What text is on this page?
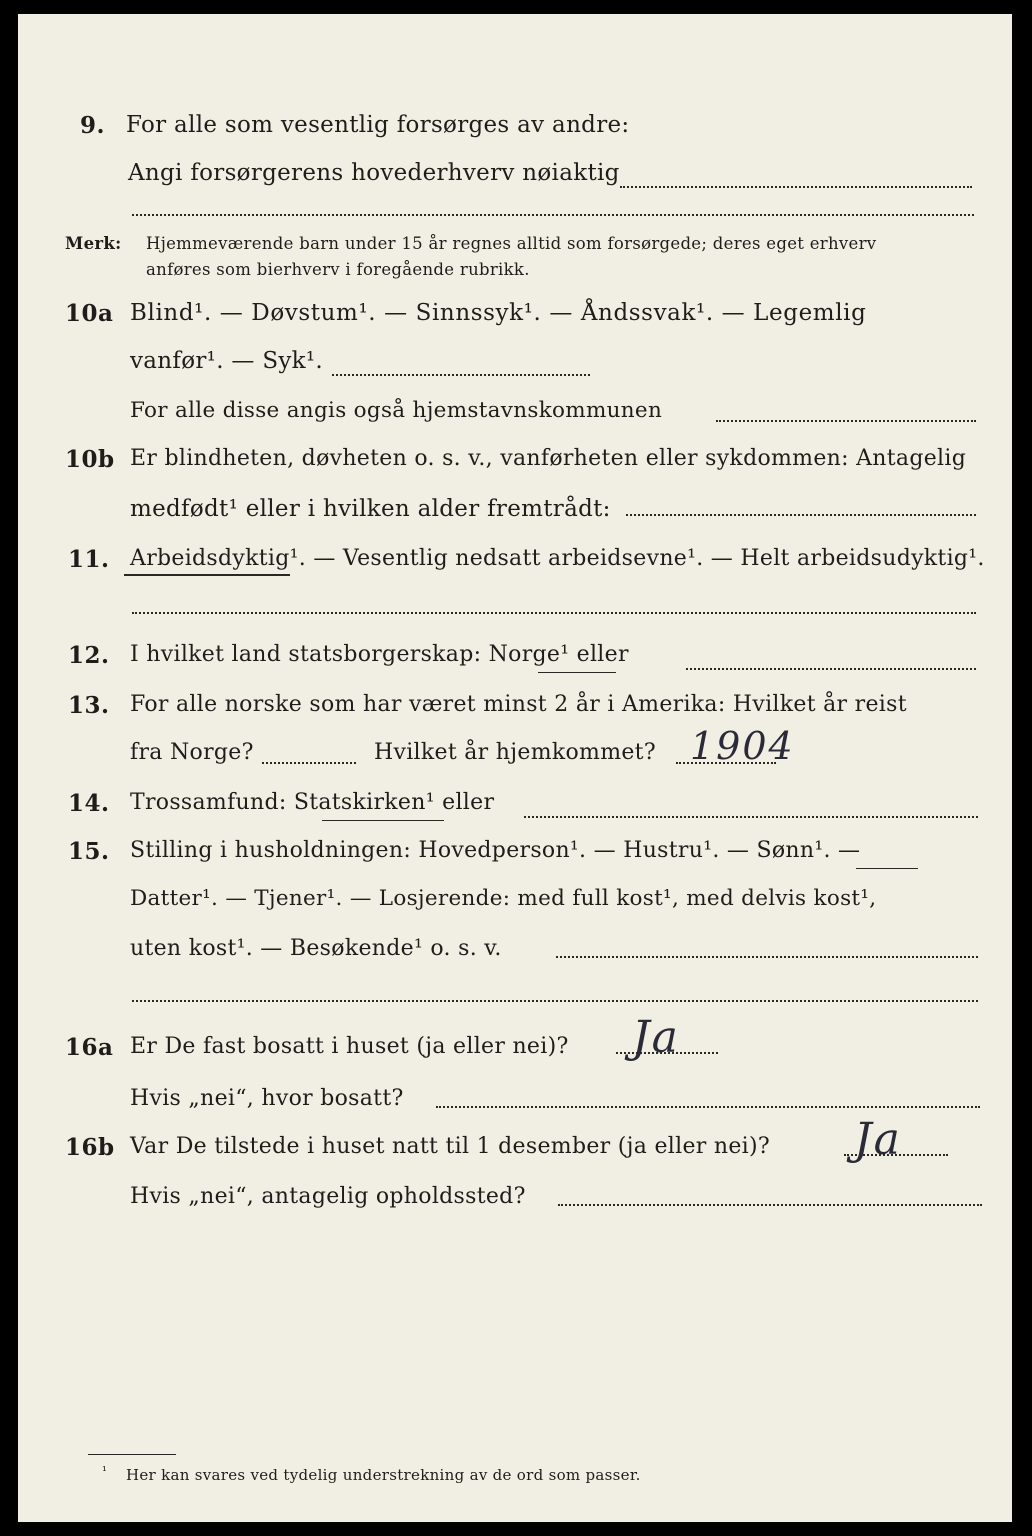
9. For alle som vesentlig forsørges av andre:
Angi forsørgerens hovederhverv nøiaktig
Merk: Hjemmeværende barn under 15 år regnes alltid som forsørgede; deres eget erhverv
anføres som bierhverv i foregående rubrikk.
10a Blind¹. — Døvstum¹. — Sinnssyk¹. — Åndssvak¹. — Legemlig
vanfør¹. — Syk¹.
For alle disse angis også hjemstavnskommunen
10b Er blindheten, døvheten o. s. v., vanførheten eller sykdommen: Antagelig
medfødt¹ eller i hvilken alder fremtrådt:
11. Arbeidsdyktig¹. — Vesentlig nedsatt arbeidsevne¹. — Helt arbeidsudyktig¹.
12. I hvilket land statsborgerskap: Norge¹ eller
13. For alle norske som har været minst 2 år i Amerika: Hvilket år reist
fra Norge?	Hvilket år hjemkommet? 1904
14. Trossamfund: Statskirken¹ eller
15. Stilling i husholdningen: Hovedperson¹. — Hustru¹. — Sønn¹. —
Datter¹. — Tjener¹. — Losjerende: med full kost¹, med delvis kost¹,
uten kost¹. — Besøkende¹ o. s. v.
16a Er De fast bosatt i huset (ja eller nei)? Ja
Hvis „nei“, hvor bosatt?
16b Var De tilstede i huset natt til 1 desember (ja eller nei)? Ja
Hvis „nei“, antagelig opholdssted?
¹ Her kan svares ved tydelig understrekning av de ord som passer.
